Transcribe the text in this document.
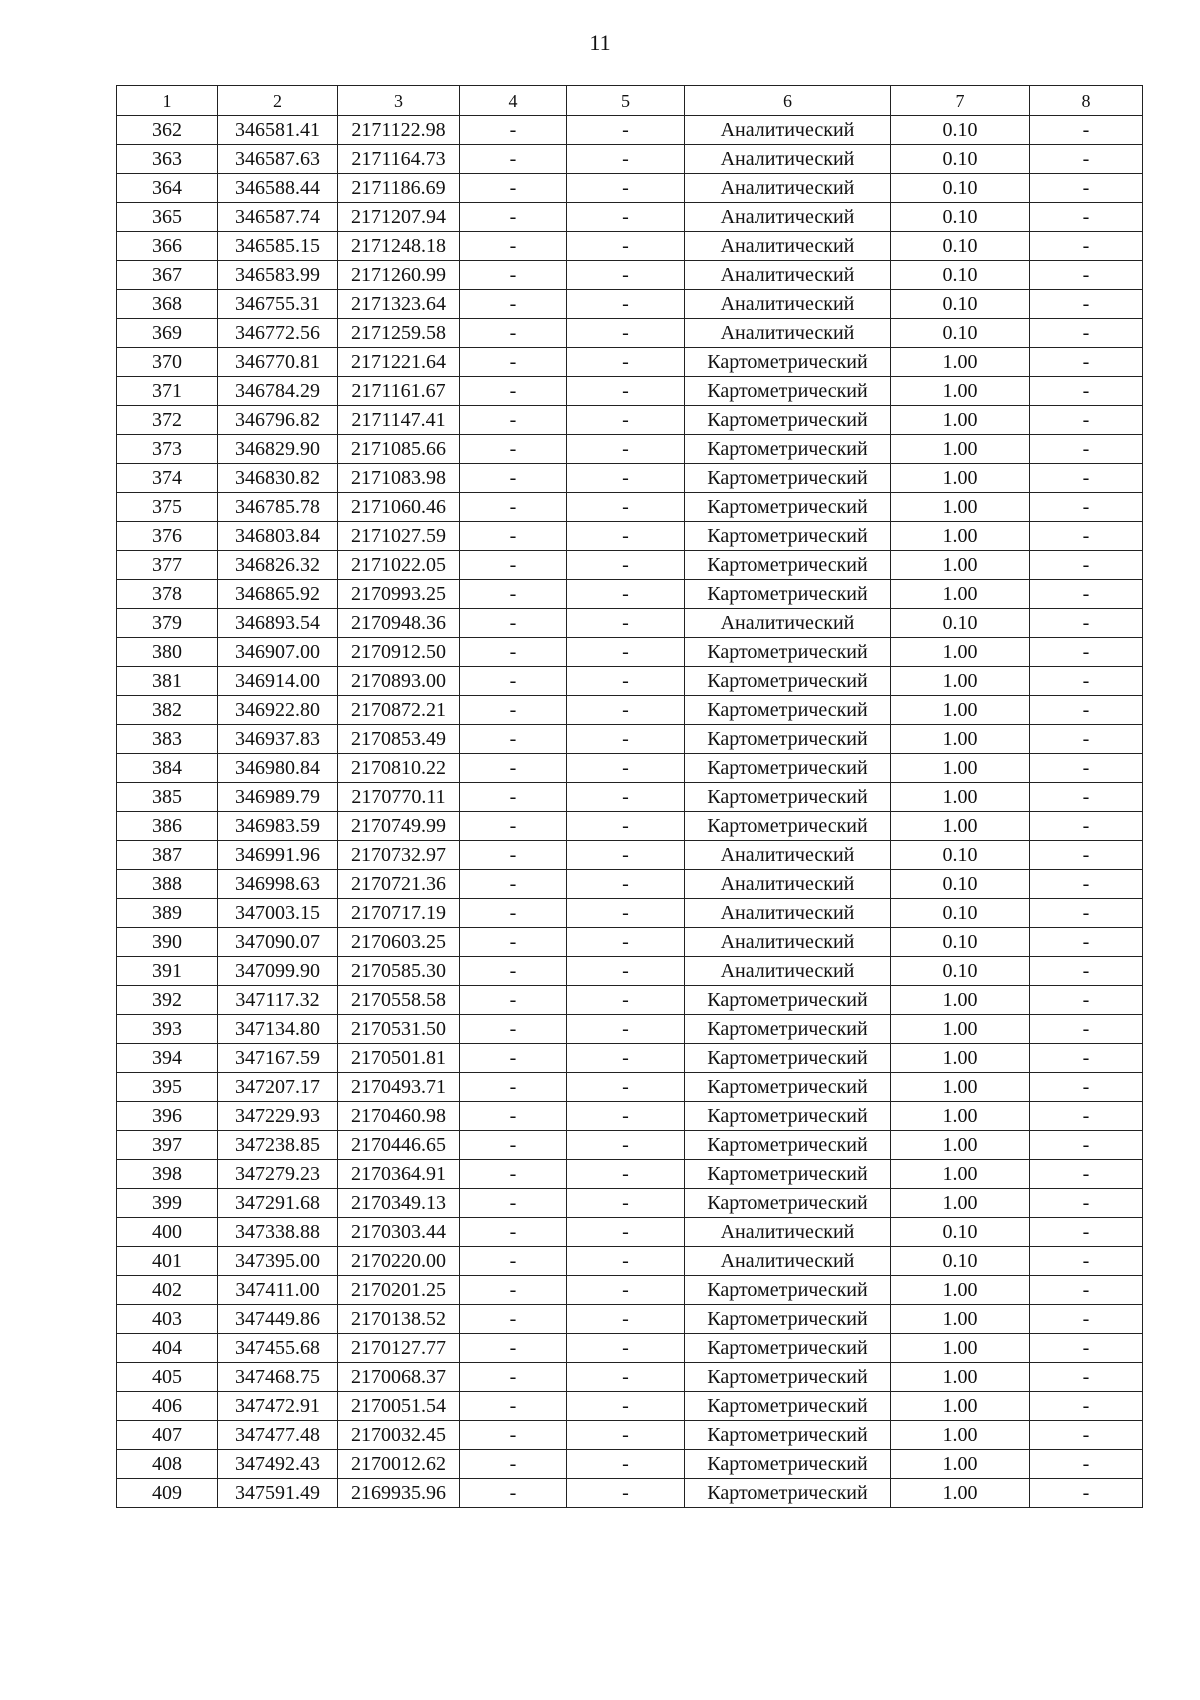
11
1	2	3	4	5	6	7	8
362	346581.41	2171122.98	-	-	Аналитический	0.10	-
363	346587.63	2171164.73	-	-	Аналитический	0.10	-
364	346588.44	2171186.69	-	-	Аналитический	0.10	-
365	346587.74	2171207.94	-	-	Аналитический	0.10	-
366	346585.15	2171248.18	-	-	Аналитический	0.10	-
367	346583.99	2171260.99	-	-	Аналитический	0.10	-
368	346755.31	2171323.64	-	-	Аналитический	0.10	-
369	346772.56	2171259.58	-	-	Аналитический	0.10	-
370	346770.81	2171221.64	-	-	Картометрический	1.00	-
371	346784.29	2171161.67	-	-	Картометрический	1.00	-
372	346796.82	2171147.41	-	-	Картометрический	1.00	-
373	346829.90	2171085.66	-	-	Картометрический	1.00	-
374	346830.82	2171083.98	-	-	Картометрический	1.00	-
375	346785.78	2171060.46	-	-	Картометрический	1.00	-
376	346803.84	2171027.59	-	-	Картометрический	1.00	-
377	346826.32	2171022.05	-	-	Картометрический	1.00	-
378	346865.92	2170993.25	-	-	Картометрический	1.00	-
379	346893.54	2170948.36	-	-	Аналитический	0.10	-
380	346907.00	2170912.50	-	-	Картометрический	1.00	-
381	346914.00	2170893.00	-	-	Картометрический	1.00	-
382	346922.80	2170872.21	-	-	Картометрический	1.00	-
383	346937.83	2170853.49	-	-	Картометрический	1.00	-
384	346980.84	2170810.22	-	-	Картометрический	1.00	-
385	346989.79	2170770.11	-	-	Картометрический	1.00	-
386	346983.59	2170749.99	-	-	Картометрический	1.00	-
387	346991.96	2170732.97	-	-	Аналитический	0.10	-
388	346998.63	2170721.36	-	-	Аналитический	0.10	-
389	347003.15	2170717.19	-	-	Аналитический	0.10	-
390	347090.07	2170603.25	-	-	Аналитический	0.10	-
391	347099.90	2170585.30	-	-	Аналитический	0.10	-
392	347117.32	2170558.58	-	-	Картометрический	1.00	-
393	347134.80	2170531.50	-	-	Картометрический	1.00	-
394	347167.59	2170501.81	-	-	Картометрический	1.00	-
395	347207.17	2170493.71	-	-	Картометрический	1.00	-
396	347229.93	2170460.98	-	-	Картометрический	1.00	-
397	347238.85	2170446.65	-	-	Картометрический	1.00	-
398	347279.23	2170364.91	-	-	Картометрический	1.00	-
399	347291.68	2170349.13	-	-	Картометрический	1.00	-
400	347338.88	2170303.44	-	-	Аналитический	0.10	-
401	347395.00	2170220.00	-	-	Аналитический	0.10	-
402	347411.00	2170201.25	-	-	Картометрический	1.00	-
403	347449.86	2170138.52	-	-	Картометрический	1.00	-
404	347455.68	2170127.77	-	-	Картометрический	1.00	-
405	347468.75	2170068.37	-	-	Картометрический	1.00	-
406	347472.91	2170051.54	-	-	Картометрический	1.00	-
407	347477.48	2170032.45	-	-	Картометрический	1.00	-
408	347492.43	2170012.62	-	-	Картометрический	1.00	-
409	347591.49	2169935.96	-	-	Картометрический	1.00	-
